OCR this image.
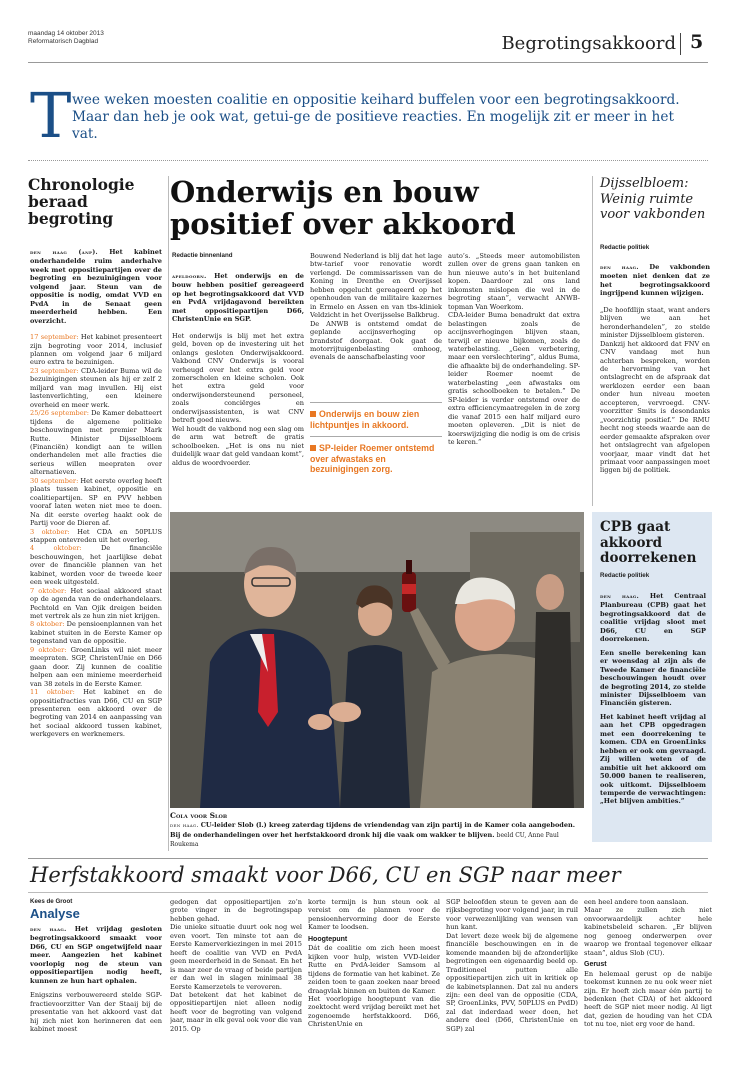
maandag 14 oktober 2013
Reformatorisch Dagblad	Begrotingsakkoord 5
T wee weken moesten coalitie en oppositie keihard buffelen voor een begrotingsakkoord. Maar dan heb je ook wat, getui-ge de positieve reacties. En mogelijk zit er meer in het vat.
Chronologie beraad begroting

den haag (anp). Het kabinet onderhandelde ruim anderhalve week met oppositiepartijen over de begroting en bezuinigingen voor volgend jaar. Steun van de oppositie is nodig, omdat VVD en PvdA in de Senaat geen meerderheid hebben. Een overzicht.

17 september: Het kabinet presenteert zijn begroting voor 2014, inclusief plannen om volgend jaar 6 miljard euro extra te bezuinigen.

23 september: CDA-leider Buma wil de bezuinigingen steunen als hij er zelf 2 miljard van mag invullen. Hij eist lastenverlichting, een kleinere overheid en meer werk.

25/26 september: De Kamer debatteert tijdens de algemene politieke beschouwingen met premier Mark Rutte. Minister Dijsselbloem (Financiën) kondigt aan te willen onderhandelen met alle fracties die serieus willen meepraten over alternatieven.

30 september: Het eerste overleg heeft plaats tussen kabinet, oppositie en coalitiepartijen. SP en PVV hebben vooraf laten weten niet mee te doen. Na dit eerste overleg haakt ook de Partij voor de Dieren af.

3 oktober: Het CDA en 50PLUS stappen ontevreden uit het overleg.

4 oktober:	De financiële beschouwingen, het jaarlijkse debat over de financiële plannen van het kabinet, worden voor de tweede keer een week uitgesteld.

7 oktober: Het sociaal akkoord staat op de agenda van de onderhandelaars. Pechtold en Van Ojik dreigen beiden met vertrek als ze hun zin niet krijgen.

8 oktober: De pensioenplannen van het kabinet stuiten in de Eerste Kamer op tegenstand van de oppositie.

9 oktober: GroenLinks wil niet meer meepraten. SGP, ChristenUnie en D66 gaan door. Zij kunnen de coalitie helpen aan een minieme meerderheid van 38 zetels in de Eerste Kamer.

11 oktober: Het kabinet en de oppositiefracties van D66, CU en SGP presenteren een akkoord over de begroting van 2014 en aanpassing van het sociaal akkoord tussen kabinet, werkgevers en werknemers.

Onderwijs en bouw positief over akkoord
Redactie binnenland

apeldoorn. Het onderwijs en de bouw hebben positief gereageerd op het begrotingsakkoord dat VVD en PvdA vrijdagavond bereikten met oppositiepartijen D66, ChristenUnie en SGP.

Het onderwijs is blij met het extra geld, boven op de investering uit het onlangs gesloten Onderwijsakkoord. Vakbond CNV Onderwijs is vooral verheugd over het extra geld voor zomerscholen en kleine scholen. Ook het extra geld voor onderwijsondersteunend personeel, zoals conciërges en onderwijsassistenten, is wat CNV betreft goed nieuws.
Wel houdt de vakbond nog een slag om de arm wat betreft de gratis schoolboeken. „Het is ons nu niet duidelijk waar dat geld vandaan komt”, aldus de woordvoerder.

Bouwend Nederland is blij dat het lage btw-tarief voor renovatie wordt verlengd. De commissarissen van de Koning in Drenthe en Overijssel hebben opgelucht gereageerd op het openhouden van de militaire kazernes in Ermelo en Assen en van tbs-kliniek Veldzicht in het Overijsselse Balkbrug.
De ANWB is ontstemd omdat de geplande accijnsverhoging op brandstof doorgaat. Ook gaat de motorrijtuigenbelasting omhoog, evenals de aanschafbelasting voor
Onderwijs en bouw zien lichtpuntjes in akkoord.
SP-leider Roemer ontstemd over afwastaks en bezuinigingen zorg.
auto’s. „Steeds meer automobilisten zullen over de grens gaan tanken en hun nieuwe auto’s in het buitenland kopen. Daardoor zal ons land inkomsten mislopen die wel in de begroting staan”, verwacht ANWB-topman Van Woerkom.
CDA-leider Buma benadrukt dat extra belastingen zoals de accijnsverhogingen blijven staan, terwijl er nieuwe bijkomen, zoals de waterbelasting. „Geen verbetering, maar een verslechtering”, aldus Buma, die afhaakte bij de onderhandeling. SP-leider Roemer noemt de waterbelasting „een afwastaks om gratis schoolboeken te betalen.” De SP-leider is verder ontstemd over de extra efficiencymaatregelen in de zorg die vanaf 2015 een half miljard euro moeten opleveren. „Dit is niet de koerswijziging die nodig is om de crisis te keren.”
Cola voor Slob
den haag. CU-leider Slob (l.) kreeg zaterdag tijdens de vriendendag van zijn partij in de Kamer cola aangeboden. Bij de onderhandelingen over het herfstakkoord dronk hij die vaak om wakker te blijven. beeld CU, Anne Paul Roukema
Dijsselbloem: Weinig ruimte voor vakbonden
Redactie politiek

den haag. De vakbonden moeten niet denken dat ze het begrotingsakkoord ingrijpend kunnen wijzigen.

„De hoofdlijn staat, want anders blijven we aan het heronderhandelen”, zo stelde minister Dijsselbloem gisteren.
Dankzij het akkoord dat FNV en CNV vandaag met hun achterban bespreken, worden de hervorming van het ontslagrecht en de afspraak dat werklozen eerder een baan onder hun niveau moeten accepteren, vervroegd. CNV-voorzitter Smits is desondanks „voorzichtig positief.” De RMU hecht nog steeds waarde aan de eerder gemaakte afspraken over het ontslagrecht van afgelopen voorjaar, maar vindt dat het primaat voor aanpassingen moet liggen bij de politiek.

CPB gaat akkoord doorrekenen
Redactie politiek

den haag. Het Centraal Planbureau (CPB) gaat het begrotingsakkoord dat de coalitie vrijdag sloot met D66, CU en SGP doorrekenen.

Een snelle berekening kan er woensdag al zijn als de Tweede Kamer de financiële beschouwingen houdt over de begroting 2014, zo stelde minister Dijsselbloem van Financiën gisteren.

Het kabinet heeft vrijdag al aan het CPB opgedragen met een doorrekening te komen. CDA en GroenLinks hebben er ook om gevraagd. Zij willen weten of de ambitie uit het akkoord om 50.000 banen te realiseren, ook uitkomt. Dijsselbloem temperde de verwachtingen: „Het blijven ambities.”

Herfstakkoord smaakt voor D66, CU en SGP naar meer
Kees de Groot
Analyse

den haag. Het vrijdag gesloten begrotingsakkoord smaakt voor D66, CU en SGP ongetwijfeld naar meer. Aangezien het kabinet voorlopig nog de steun van oppositiepartijen nodig heeft, kunnen ze hun hart ophalen.

Enigszins verbouwereerd stelde SGP-fractievoorzitter Van der Staaij bij de presentatie van het akkoord vast dat hij zich niet kon herinneren dat een kabinet moest

gedogen dat oppositiepartijen zo’n grote vinger in de begrotingspap hebben gehad.
Die unieke situatie duurt ook nog wel even voort. Ten minste tot aan de Eerste Kamerverkiezingen in mei 2015 heeft de coalitie van VVD en PvdA geen meerderheid in de Senaat. En het is maar zeer de vraag of beide partijen er dan wel in slagen minimaal 38 Eerste Kamerzetels te veroveren.
Dat betekent dat het kabinet de oppositiepartijen niet alleen nodig heeft voor de begroting van volgend jaar, maar in elk geval ook voor die van 2015. Op

korte termijn is hun steun ook al vereist om de plannen voor de pensioenhervorming door de Eerste Kamer te loodsen.

Hoogtepunt

Dát de coalitie om zich heen moest kijken voor hulp, wisten VVD-leider Rutte en PvdA-leider Samsom al tijdens de formatie van het kabinet. Ze zeiden toen te gaan zoeken naar breed draagvlak binnen en buiten de Kamer.
Het voorlopige hoogtepunt van die zoektocht werd vrijdag bereikt met het zogenoemde herfstakkoord. D66, ChristenUnie en

SGP beloofden steun te geven aan de rijksbegroting voor volgend jaar, in ruil voor verwezenlijking van wensen van hun kant.
Dat levert deze week bij de algemene financiële beschouwingen en in de komende maanden bij de afzonderlijke begrotingen een eigenaardig beeld op. Traditioneel putten alle oppositiepartijen zich uit in kritiek op de kabinetsplannen. Dat zal nu anders zijn: een deel van de oppositie (CDA, SP, GroenLinks, PVV, 50PLUS en PvdD) zal dat inderdaad weer doen, het andere deel (D66, ChristenUnie en SGP) zal

een heel andere toon aanslaan.
Maar ze zullen zich niet onvoorwaardelijk achter hele kabinetsbeleid scharen. „Er blijven nog genoeg onderwerpen over waarop we frontaal tegenover elkaar staan”, aldus Slob (CU).

Gerust

En helemaal gerust op de nabije toekomst kunnen ze nu ook weer niet zijn. Er hoeft zich maar één partij te bedenken (het CDA) of het akkoord heeft de SGP niet meer nodig. Al ligt dat, gezien de houding van het CDA tot nu toe, niet erg voor de hand.
